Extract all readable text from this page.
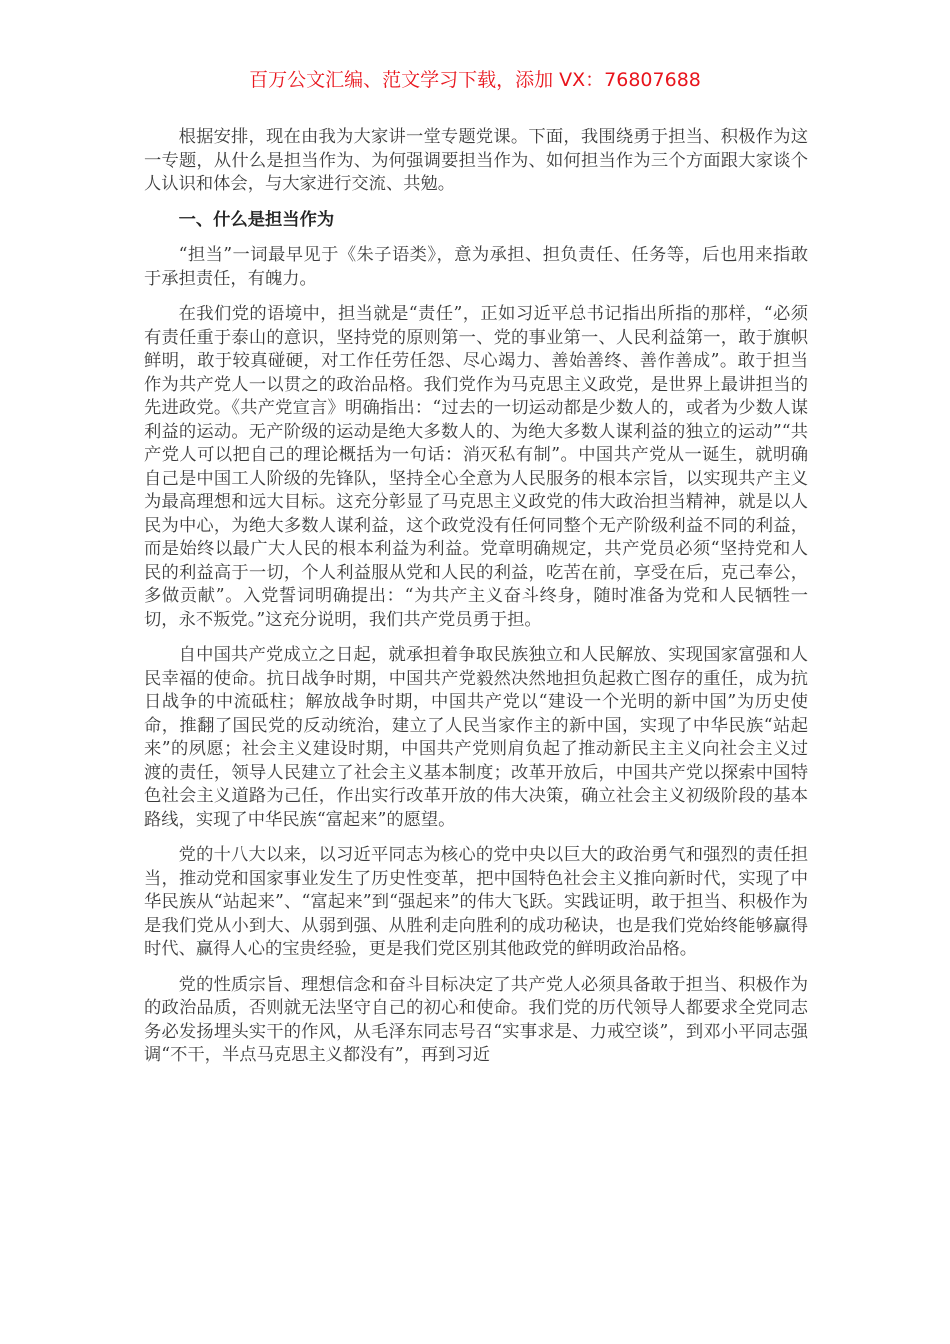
百万公文汇编、范文学习下载，添加 VX：76807688

根据安排，现在由我为大家讲一堂专题党课。下面，我围绕勇于担当、积极作为这一专题，从什么是担当作为、为何强调要担当作为、如何担当作为三个方面跟大家谈个人认识和体会，与大家进行交流、共勉。

一、什么是担当作为

“担当”一词最早见于《朱子语类》，意为承担、担负责任、任务等，后也用来指敢于承担责任，有魄力。

在我们党的语境中，担当就是“责任”，正如习近平总书记指出所指的那样，“必须有责任重于泰山的意识，坚持党的原则第一、党的事业第一、人民利益第一，敢于旗帜鲜明，敢于较真碰硬，对工作任劳任怨、尽心竭力、善始善终、善作善成”。敢于担当作为共产党人一以贯之的政治品格。我们党作为马克思主义政党，是世界上最讲担当的先进政党。《共产党宣言》明确指出：“过去的一切运动都是少数人的，或者为少数人谋利益的运动。无产阶级的运动是绝大多数人的、为绝大多数人谋利益的独立的运动”“共产党人可以把自己的理论概括为一句话：消灭私有制”。中国共产党从一诞生，就明确自己是中国工人阶级的先锋队，坚持全心全意为人民服务的根本宗旨，以实现共产主义为最高理想和远大目标。这充分彰显了马克思主义政党的伟大政治担当精神，就是以人民为中心，为绝大多数人谋利益，这个政党没有任何同整个无产阶级利益不同的利益，而是始终以最广大人民的根本利益为利益。党章明确规定，共产党员必须“坚持党和人民的利益高于一切，个人利益服从党和人民的利益，吃苦在前，享受在后，克己奉公，多做贡献”。入党誓词明确提出：“为共产主义奋斗终身，随时准备为党和人民牺牲一切，永不叛党。”这充分说明，我们共产党员勇于担。

自中国共产党成立之日起，就承担着争取民族独立和人民解放、实现国家富强和人民幸福的使命。抗日战争时期，中国共产党毅然决然地担负起救亡图存的重任，成为抗日战争的中流砥柱；解放战争时期，中国共产党以“建设一个光明的新中国”为历史使命，推翻了国民党的反动统治，建立了人民当家作主的新中国，实现了中华民族“站起来”的夙愿；社会主义建设时期，中国共产党则肩负起了推动新民主主义向社会主义过渡的责任，领导人民建立了社会主义基本制度；改革开放后，中国共产党以探索中国特色社会主义道路为己任，作出实行改革开放的伟大决策，确立社会主义初级阶段的基本路线，实现了中华民族“富起来”的愿望。

党的十八大以来，以习近平同志为核心的党中央以巨大的政治勇气和强烈的责任担当，推动党和国家事业发生了历史性变革，把中国特色社会主义推向新时代，实现了中华民族从“站起来”、“富起来”到“强起来”的伟大飞跃。实践证明，敢于担当、积极作为是我们党从小到大、从弱到强、从胜利走向胜利的成功秘诀，也是我们党始终能够赢得时代、赢得人心的宝贵经验，更是我们党区别其他政党的鲜明政治品格。

党的性质宗旨、理想信念和奋斗目标决定了共产党人必须具备敢于担当、积极作为的政治品质，否则就无法坚守自己的初心和使命。我们党的历代领导人都要求全党同志务必发扬埋头实干的作风，从毛泽东同志号召“实事求是、力戒空谈”，到邓小平同志强调“不干，半点马克思主义都没有”，再到习近
